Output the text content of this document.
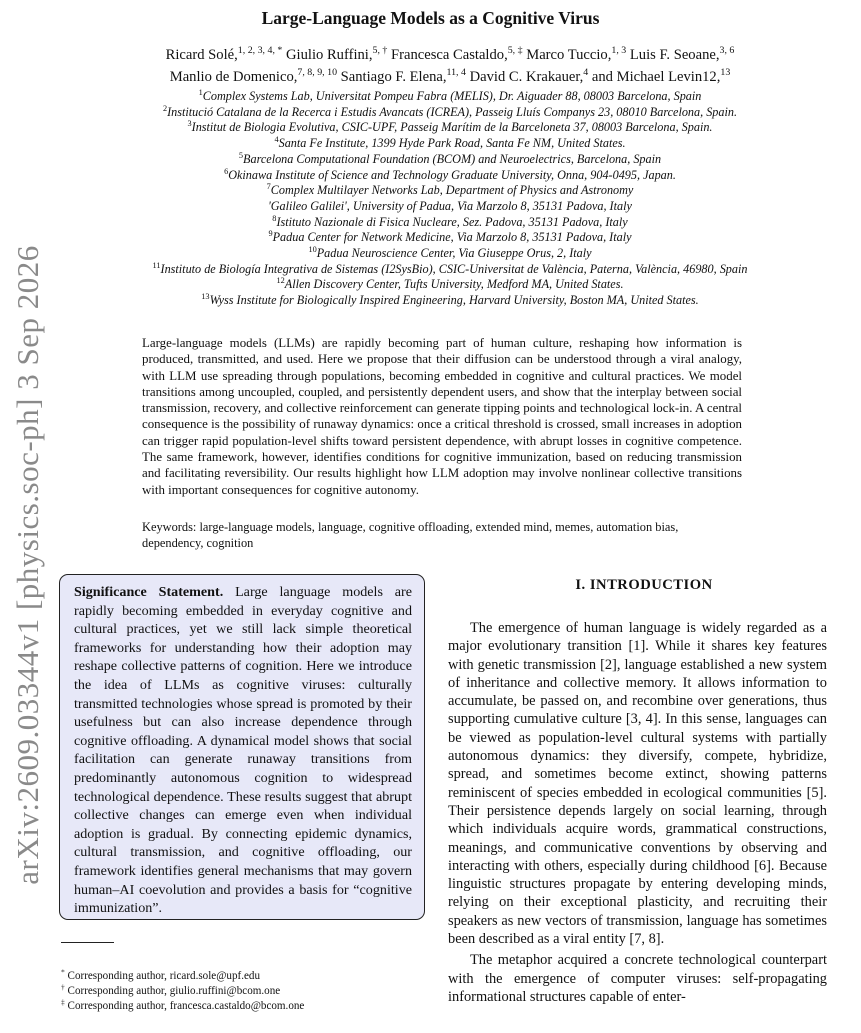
arXiv:2609.03344v1 [physics.soc-ph] 3 Sep 2026
Large-Language Models as a Cognitive Virus
Ricard Solé,$^{1, 2, 3, 4, *}$ Giulio Ruffini,$^{5, \dagger}$ Francesca Castaldo,$^{5, \ddagger}$ Marco Tuccio,$^{1, 3}$ Luis F. Seoane,$^{3, 6}$
Manlio de Domenico,$^{7, 8, 9, 10}$ Santiago F. Elena,$^{11, 4}$ David C. Krakauer,$^4$ and Michael Levin12,13
$^1$Complex Systems Lab, Universitat Pompeu Fabra (MELIS), Dr. Aiguader 88, 08003 Barcelona, Spain
$^2$Institució Catalana de la Recerca i Estudis Avancats (ICREA), Passeig Lluís Companys 23, 08010 Barcelona, Spain.
$^3$Institut de Biologia Evolutiva, CSIC-UPF, Passeig Marítim de la Barceloneta 37, 08003 Barcelona, Spain.
$^4$Santa Fe Institute, 1399 Hyde Park Road, Santa Fe NM, United States.
$^5$Barcelona Computational Foundation (BCOM) and Neuroelectrics, Barcelona, Spain
$^6$Okinawa Institute of Science and Technology Graduate University, Onna, 904-0495, Japan.
$^7$Complex Multilayer Networks Lab, Department of Physics and Astronomy
'Galileo Galilei', University of Padua, Via Marzolo 8, 35131 Padova, Italy
$^8$Istituto Nazionale di Fisica Nucleare, Sez. Padova, 35131 Padova, Italy
$^9$Padua Center for Network Medicine, Via Marzolo 8, 35131 Padova, Italy
$^{10}$Padua Neuroscience Center, Via Giuseppe Orus, 2, Italy
$^{11}$Instituto de Biología Integrativa de Sistemas (I2SysBio), CSIC-Universitat de València, Paterna, València, 46980, Spain
$^{12}$Allen Discovery Center, Tufts University, Medford MA, United States.
$^{13}$Wyss Institute for Biologically Inspired Engineering, Harvard University, Boston MA, United States.
Large-language models (LLMs) are rapidly becoming part of human culture, reshaping how information is produced, transmitted, and used. Here we propose that their diffusion can be understood through a viral analogy, with LLM use spreading through populations, becoming embedded in cognitive and cultural practices. We model transitions among uncoupled, coupled, and persistently dependent users, and show that the interplay between social transmission, recovery, and collective reinforcement can generate tipping points and technological lock-in. A central consequence is the possibility of runaway dynamics: once a critical threshold is crossed, small increases in adoption can trigger rapid population-level shifts toward persistent dependence, with abrupt losses in cognitive competence. The same framework, however, identifies conditions for cognitive immunization, based on reducing transmission and facilitating reversibility. Our results highlight how LLM adoption may involve nonlinear collective transitions with important consequences for cognitive autonomy.
Keywords: large-language models, language, cognitive offloading, extended mind, memes, automation bias, dependency, cognition
Significance Statement. Large language models are rapidly becoming embedded in everyday cognitive and cultural practices, yet we still lack simple theoretical frameworks for understanding how their adoption may reshape collective patterns of cognition. Here we introduce the idea of LLMs as cognitive viruses: culturally transmitted technologies whose spread is promoted by their usefulness but can also increase dependence through cognitive offloading. A dynamical model shows that social facilitation can generate runaway transitions from predominantly autonomous cognition to widespread technological dependence. These results suggest that abrupt collective changes can emerge even when individual adoption is gradual. By connecting epidemic dynamics, cultural transmission, and cognitive offloading, our framework identifies general mechanisms that may govern human–AI coevolution and provides a basis for “cognitive immunization”.
* Corresponding author, ricard.sole@upf.edu
† Corresponding author, giulio.ruffini@bcom.one
‡ Corresponding author, francesca.castaldo@bcom.one
I. INTRODUCTION

The emergence of human language is widely regarded as a major evolutionary transition [1]. While it shares key features with genetic transmission [2], language established a new system of inheritance and collective memory. It allows information to accumulate, be passed on, and recombine over generations, thus supporting cumulative culture [3, 4]. In this sense, languages can be viewed as population-level cultural systems with partially autonomous dynamics: they diversify, compete, hybridize, spread, and sometimes become extinct, showing patterns reminiscent of species embedded in ecological communities [5]. Their persistence depends largely on social learning, through which individuals acquire words, grammatical constructions, meanings, and communicative conventions by observing and interacting with others, especially during childhood [6]. Because linguistic structures propagate by entering developing minds, relying on their exceptional plasticity, and recruiting their speakers as new vectors of transmission, language has sometimes been described as a viral entity [7, 8].

The metaphor acquired a concrete technological counterpart with the emergence of computer viruses: self-propagating informational structures capable of enter-
